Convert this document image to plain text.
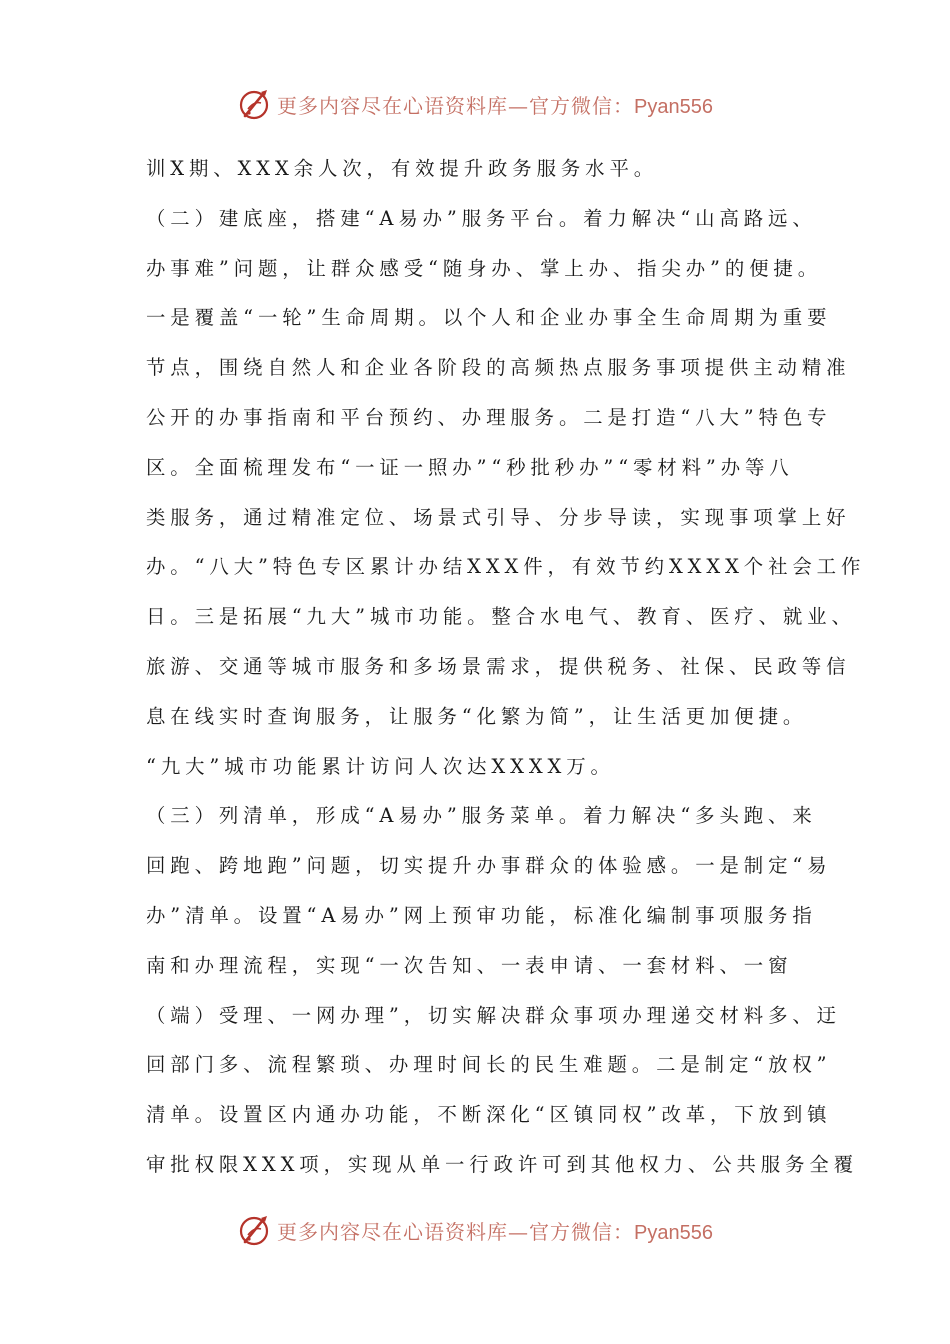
更多内容尽在心语资料库—官方微信：Pyan556
训X期、XXX余人次，有效提升政务服务水平。
（二）建底座，搭建“A易办”服务平台。着力解决“山高路远、
办事难”问题，让群众感受“随身办、掌上办、指尖办”的便捷。
一是覆盖“一轮”生命周期。以个人和企业办事全生命周期为重要
节点，围绕自然人和企业各阶段的高频热点服务事项提供主动精准
公开的办事指南和平台预约、办理服务。二是打造“八大”特色专
区。全面梳理发布“一证一照办”“秒批秒办”“零材料”办等八
类服务，通过精准定位、场景式引导、分步导读，实现事项掌上好
办。“八大”特色专区累计办结XXX件，有效节约XXXX个社会工作
日。三是拓展“九大”城市功能。整合水电气、教育、医疗、就业、
旅游、交通等城市服务和多场景需求，提供税务、社保、民政等信
息在线实时查询服务，让服务“化繁为简”，让生活更加便捷。
“九大”城市功能累计访问人次达XXXX万。
（三）列清单，形成“A易办”服务菜单。着力解决“多头跑、来
回跑、跨地跑”问题，切实提升办事群众的体验感。一是制定“易
办”清单。设置“A易办”网上预审功能，标准化编制事项服务指
南和办理流程，实现“一次告知、一表申请、一套材料、一窗
（端）受理、一网办理”，切实解决群众事项办理递交材料多、迂
回部门多、流程繁琐、办理时间长的民生难题。二是制定“放权”
清单。设置区内通办功能，不断深化“区镇同权”改革，下放到镇
审批权限XXX项，实现从单一行政许可到其他权力、公共服务全覆
更多内容尽在心语资料库—官方微信：Pyan556
